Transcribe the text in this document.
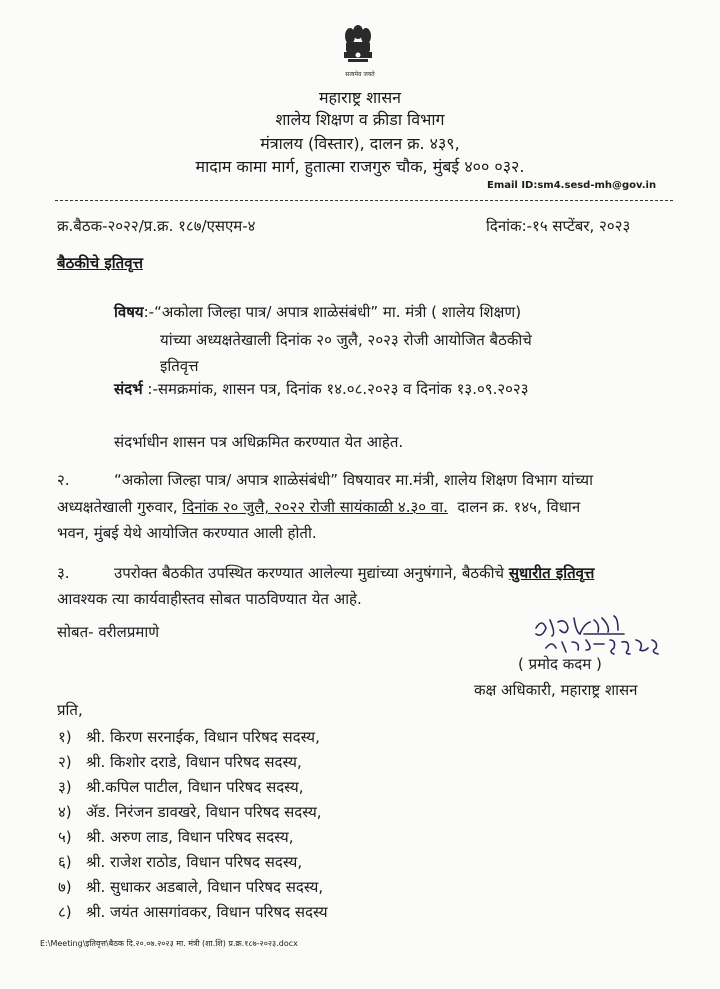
सत्यमेव जयते
महाराष्ट्र शासन
शालेय शिक्षण व क्रीडा विभाग
मंत्रालय (विस्तार), दालन क्र. ४३९,
मादाम कामा मार्ग, हुतात्मा राजगुरु चौक, मुंबई ४०० ०३२.
Email ID:sm4.sesd-mh@gov.in
क्र.बैठक-२०२२/प्र.क्र. १८७/एसएम-४	दिनांक:-१५ सप्टेंबर, २०२३
बैठकीचे इतिवृत्त
विषय:-“अकोला जिल्हा पात्र/ अपात्र शाळेसंबंधी” मा. मंत्री ( शालेय शिक्षण)
यांच्या अध्यक्षतेखाली दिनांक २० जुलै, २०२३ रोजी आयोजित बैठकीचे
इतिवृत्त
संदर्भ :-समक्रमांक, शासन पत्र, दिनांक १४.०८.२०२३ व दिनांक १३.०९.२०२३
संदर्भाधीन शासन पत्र अधिक्रमित करण्यात येत आहेत.
२.	“अकोला जिल्हा पात्र/ अपात्र शाळेसंबंधी” विषयावर मा.मंत्री, शालेय शिक्षण विभाग यांच्या
अध्यक्षतेखाली गुरुवार, दिनांक २० जुलै, २०२२ रोजी सायंकाळी ४.३० वा.  दालन क्र. १४५, विधान
भवन, मुंबई येथे आयोजित करण्यात आली होती.
३.	उपरोक्त बैठकीत उपस्थित करण्यात आलेल्या मुद्यांच्या अनुषंगाने, बैठकीचे सुधारीत इतिवृत्त
आवश्यक त्या कार्यवाहीस्तव सोबत पाठविण्यात येत आहे.
सोबत- वरीलप्रमाणे
( प्रमोद कदम )
कक्ष अधिकारी, महाराष्ट्र शासन
प्रति,
१) श्री. किरण सरनाईक, विधान परिषद सदस्य,
२) श्री. किशोर दराडे, विधान परिषद सदस्य,
३) श्री.कपिल पाटील, विधान परिषद सदस्य,
४) ॲड. निरंजन डावखरे, विधान परिषद सदस्य,
५) श्री. अरुण लाड, विधान परिषद सदस्य,
६) श्री. राजेश राठोड, विधान परिषद सदस्य,
७) श्री. सुधाकर अडबाले, विधान परिषद सदस्य,
८) श्री. जयंत आसगांवकर, विधान परिषद सदस्य
E:\Meeting\इतिवृत्त\बैठक दि.२०.०७.२०२३ मा. मंत्री (शा.शि) प्र.क्र.१८७-२०२३.docx
